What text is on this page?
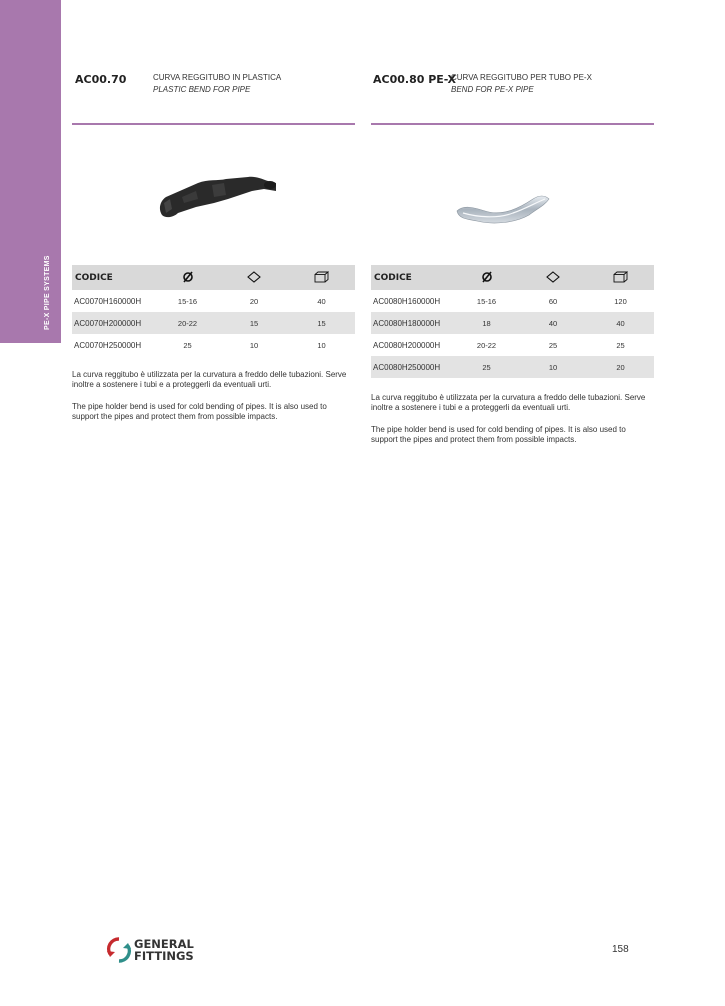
PE-X PIPE SYSTEMS
AC00.70	CURVA REGGITUBO IN PLASTICA
PLASTIC BEND FOR PIPE
CODICE			
AC0070H160000H	15-16	20	40
AC0070H200000H	20-22	15	15
AC0070H250000H	25	10	10
La curva reggitubo è utilizzata per la curvatura a freddo delle tubazioni. Serve inoltre a sostenere i tubi e a proteggerli da eventuali urti.
The pipe holder bend is used for cold bending of pipes. It is also used to support the pipes and protect them from possible impacts.
AC00.80 PE-X
CURVA REGGITUBO PER TUBO PE-X
BEND FOR PE-X PIPE
CODICE			
AC0080H160000H	15-16	60	120
AC0080H180000H	18	40	40
AC0080H200000H	20-22	25	25
AC0080H250000H	25	10	20
La curva reggitubo è utilizzata per la curvatura a freddo delle tubazioni. Serve inoltre a sostenere i tubi e a proteggerli da eventuali urti.
The pipe holder bend is used for cold bending of pipes. It is also used to support the pipes and protect them from possible impacts.
GENERAL
FITTINGS	158
